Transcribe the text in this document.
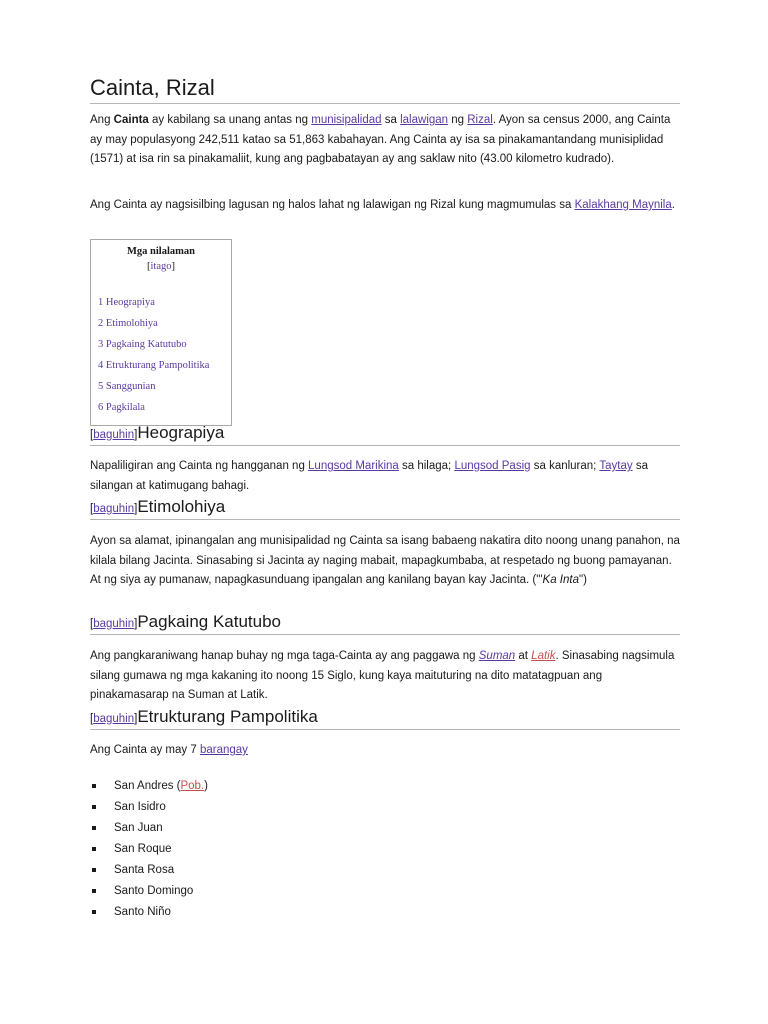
Cainta, Rizal

Ang Cainta ay kabilang sa unang antas ng munisipalidad sa lalawigan ng Rizal. Ayon sa census 2000, ang Cainta ay may populasyong 242,511 katao sa 51,863 kabahayan. Ang Cainta ay isa sa pinakamantandang munisiplidad (1571) at isa rin sa pinakamaliit, kung ang pagbabatayan ay ang saklaw nito (43.00 kilometro kudrado).

Ang Cainta ay nagsisilbing lagusan ng halos lahat ng lalawigan ng Rizal kung magmumulas sa Kalakhang Maynila.

Mga nilalaman
[itago]
1 Heograpiya
2 Etimolohiya
3 Pagkaing Katutubo
4 Etrukturang Pampolitika
5 Sanggunian
6 Pagkilala
[baguhin]Heograpiya

Napaliligiran ang Cainta ng hangganan ng Lungsod Marikina sa hilaga; Lungsod Pasig sa kanluran; Taytay sa silangan at katimugang bahagi.

[baguhin]Etimolohiya

Ayon sa alamat, ipinangalan ang munisipalidad ng Cainta sa isang babaeng nakatira dito noong unang panahon, na kilala bilang Jacinta. Sinasabing si Jacinta ay naging mabait, mapagkumbaba, at respetado ng buong pamayanan. At ng siya ay pumanaw, napagkasunduang ipangalan ang kanilang bayan kay Jacinta. ("'Ka Inta")

[baguhin]Pagkaing Katutubo

Ang pangkaraniwang hanap buhay ng mga taga-Cainta ay ang paggawa ng Suman at Latik. Sinasabing nagsimula silang gumawa ng mga kakaning ito noong 15 Siglo, kung kaya maituturing na dito matatagpuan ang pinakamasarap na Suman at Latik.

[baguhin]Etrukturang Pampolitika

Ang Cainta ay may 7 barangay

San Andres (Pob.)
San Isidro
San Juan
San Roque
Santa Rosa
Santo Domingo
Santo Niño
